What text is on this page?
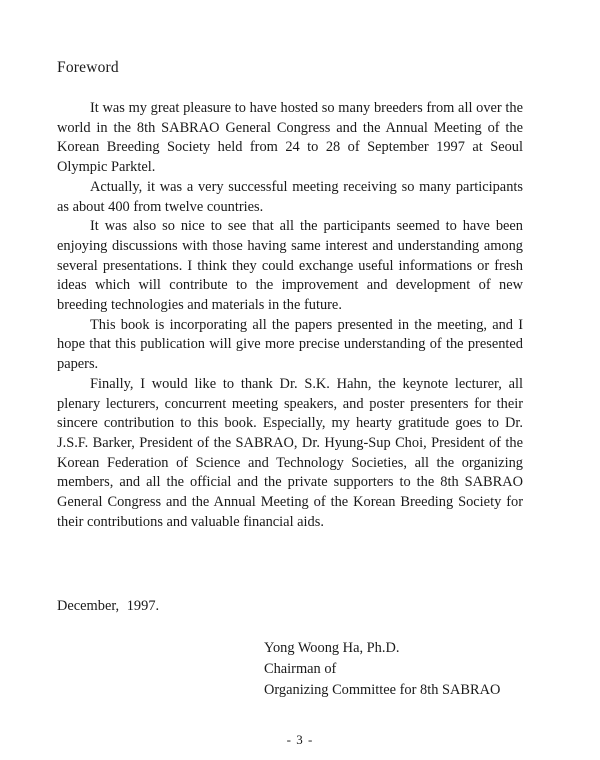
Foreword

It was my great pleasure to have hosted so many breeders from all over the world in the 8th SABRAO General Congress and the Annual Meeting of the Korean Breeding Society held from 24 to 28 of September 1997 at Seoul Olympic Parktel.

Actually, it was a very successful meeting receiving so many participants as about 400 from twelve countries.

It was also so nice to see that all the participants seemed to have been enjoying discussions with those having same interest and understanding among several presentations. I think they could exchange useful informations or fresh ideas which will contribute to the improvement and development of new breeding technologies and materials in the future.

This book is incorporating all the papers presented in the meeting, and I hope that this publication will give more precise understanding of the presented papers.

Finally, I would like to thank Dr. S.K. Hahn, the keynote lecturer, all plenary lecturers, concurrent meeting speakers, and poster presenters for their sincere contribution to this book. Especially, my hearty gratitude goes to Dr. J.S.F. Barker, President of the SABRAO, Dr. Hyung-Sup Choi, President of the Korean Federation of Science and Technology Societies, all the organizing members, and all the official and the private supporters to the 8th SABRAO General Congress and the Annual Meeting of the Korean Breeding Society for their contributions and valuable financial aids.

December, 1997.
Yong Woong Ha, Ph.D.
Chairman of
Organizing Committee for 8th SABRAO
- 3 -
